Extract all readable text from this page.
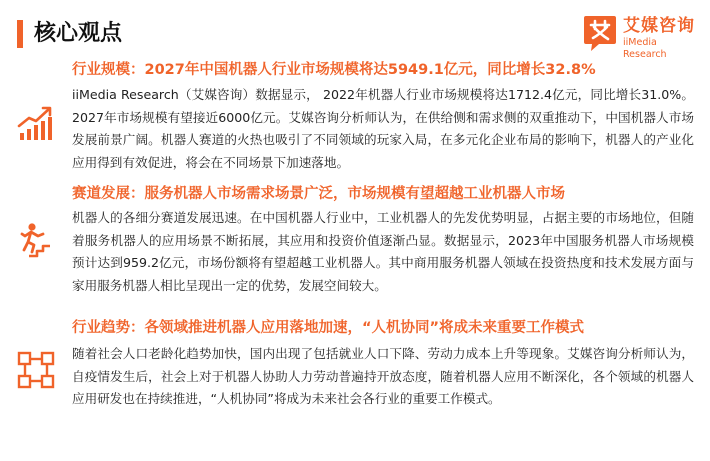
核心观点	艾媒咨询
iiMedia Research
行业规模：2027年中国机器人行业市场规模将达5949.1亿元，同比增长32.8%
iiMedia Research（艾媒咨询）数据显示， 2022年机器人行业市场规模将达1712.4亿元，同比增长31.0%。2027年市场规模有望接近6000亿元。艾媒咨询分析师认为，在供给侧和需求侧的双重推动下，中国机器人市场发展前景广阔。机器人赛道的火热也吸引了不同领域的玩家入局，在多元化企业布局的影响下，机器人的产业化应用得到有效促进，将会在不同场景下加速落地。
赛道发展：服务机器人市场需求场景广泛，市场规模有望超越工业机器人市场
机器人的各细分赛道发展迅速。在中国机器人行业中，工业机器人的先发优势明显，占据主要的市场地位，但随着服务机器人的应用场景不断拓展，其应用和投资价值逐渐凸显。数据显示，2023年中国服务机器人市场规模预计达到959.2亿元，市场份额将有望超越工业机器人。其中商用服务机器人领域在投资热度和技术发展方面与家用服务机器人相比呈现出一定的优势，发展空间较大。
行业趋势：各领域推进机器人应用落地加速，“人机协同”将成未来重要工作模式
随着社会人口老龄化趋势加快，国内出现了包括就业人口下降、劳动力成本上升等现象。艾媒咨询分析师认为，自疫情发生后，社会上对于机器人协助人力劳动普遍持开放态度，随着机器人应用不断深化，各个领域的机器人应用研发也在持续推进，“人机协同”将成为未来社会各行业的重要工作模式。
